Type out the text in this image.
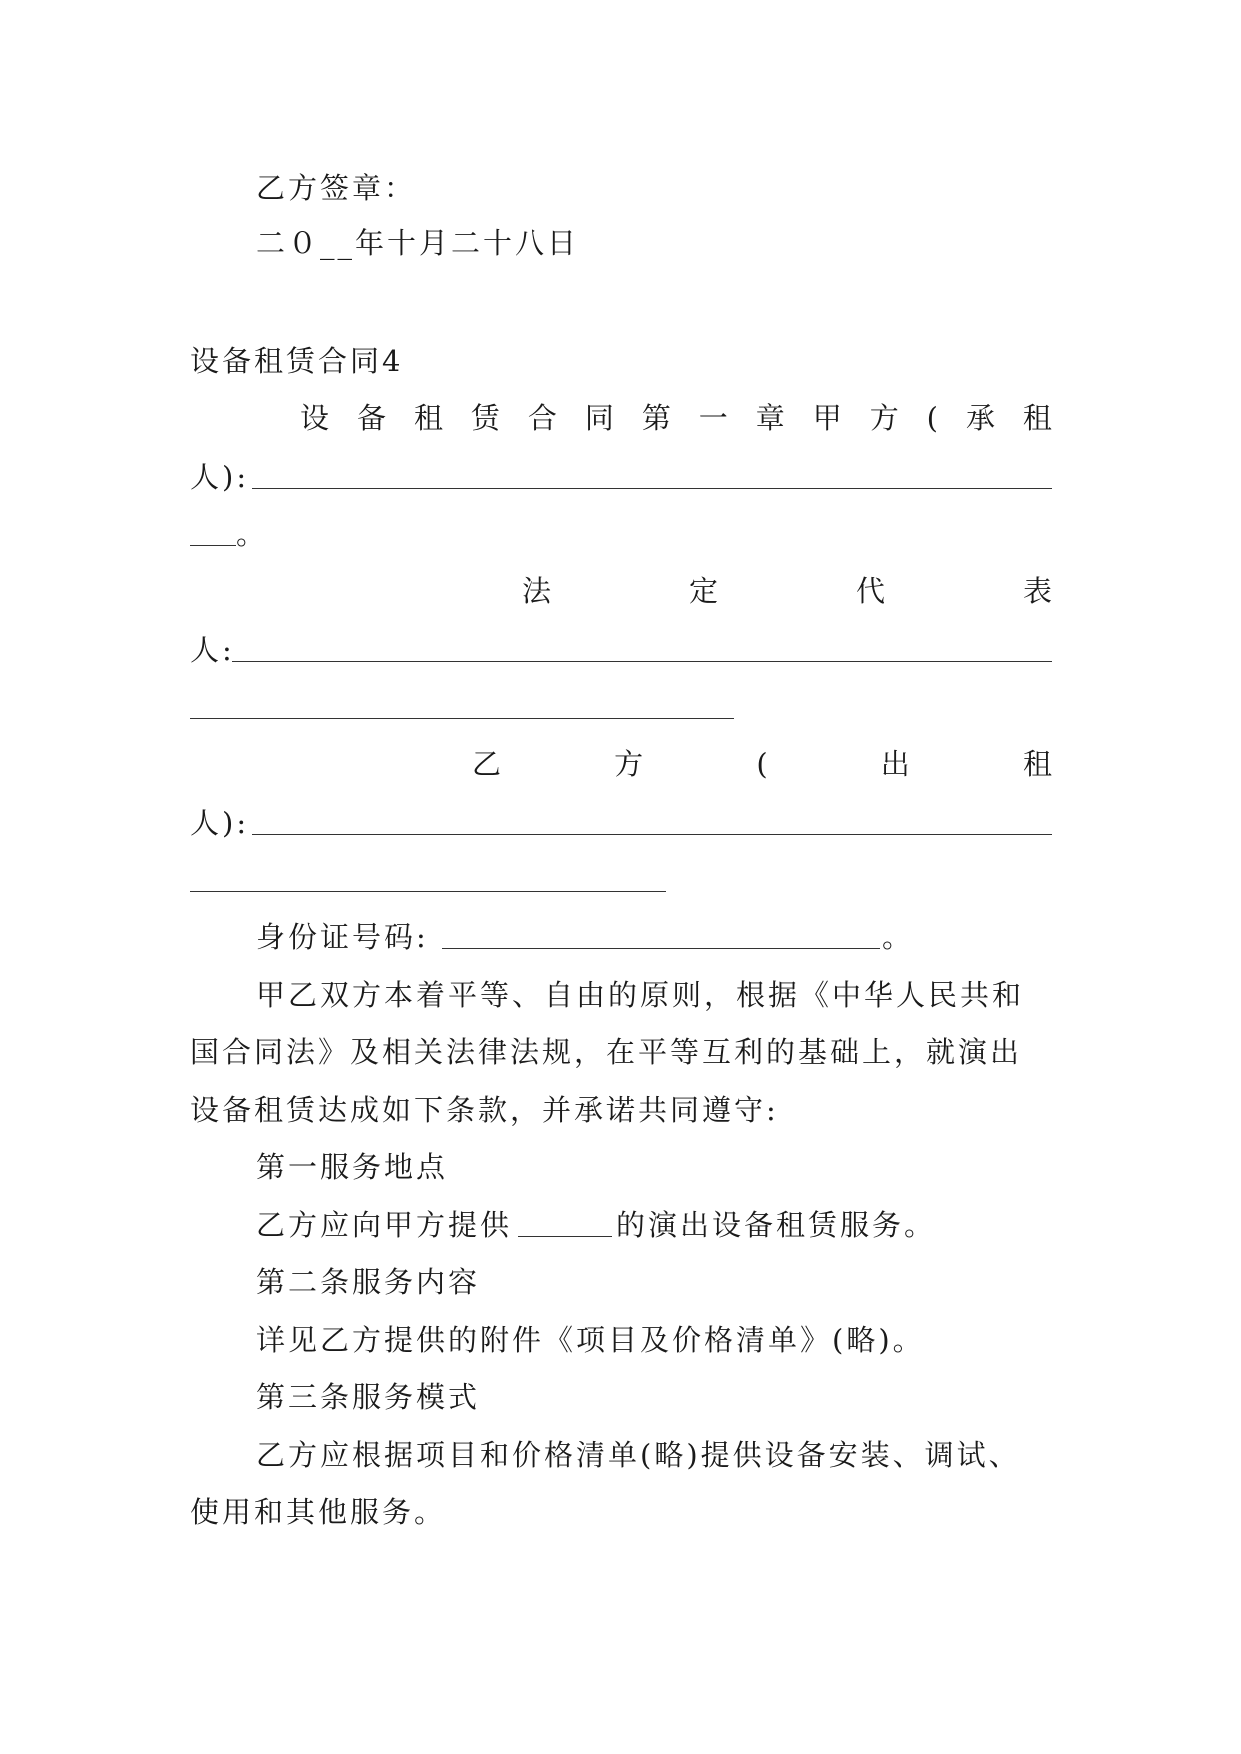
乙方签章：
二０__年十月二十八日
设备租赁合同4
设 备 租 赁 合 同 第 一 章 甲 方 ( 承 租
人):
。
法	定	代	表
人:
乙	方	(	出	租
人):
身份证号码:	。
甲乙双方本着平等、自由的原则，根据《中华人民共和
国合同法》及相关法律法规，在平等互利的基础上，就演出
设备租赁达成如下条款，并承诺共同遵守:
第一服务地点
乙方应向甲方提供	的演出设备租赁服务。
第二条服务内容
详见乙方提供的附件《项目及价格清单》(略)。
第三条服务模式
乙方应根据项目和价格清单(略)提供设备安装、调试、
使用和其他服务。
